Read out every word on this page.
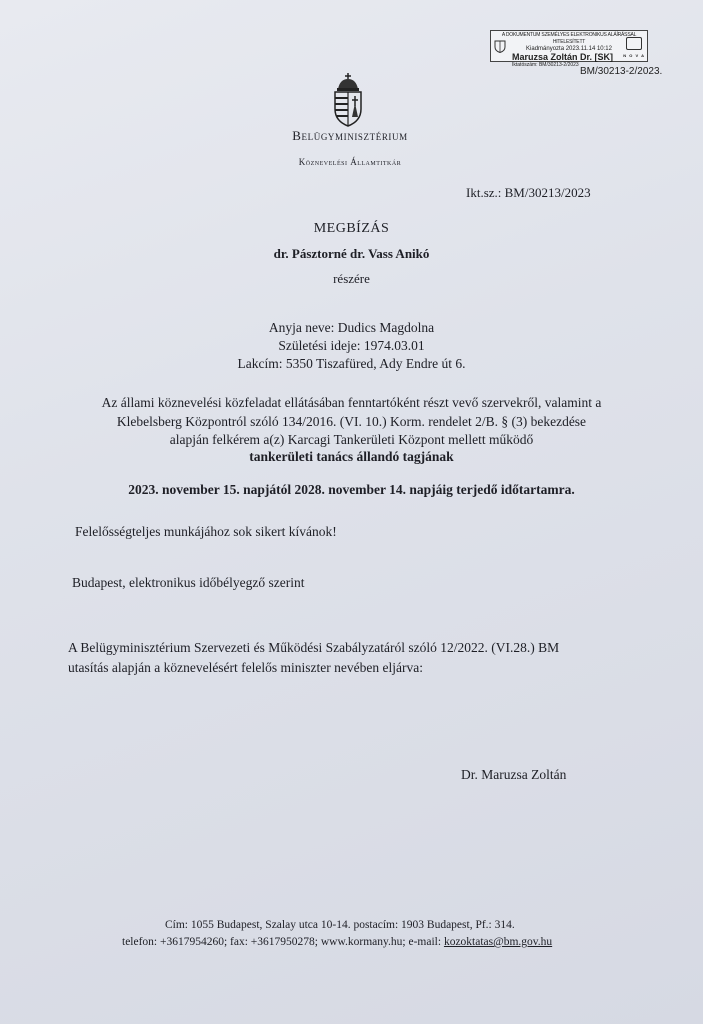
A DOKUMENTUM SZEMÉLYES ELEKTRONIKUS ALÁÍRÁSSAL HITELESÍTETT
Kiadmányozta 2023.11.14 10:12
Maruzsa Zoltán Dr. [SK]
Iktatószám: BM/30213-2/2023
N O V A
BM/30213-2/2023.
Belügyminisztérium
Köznevelési Államtitkár
Ikt.sz.: BM/30213/2023
MEGBÍZÁS
dr. Pásztorné dr. Vass Anikó
részére
Anyja neve: Dudics Magdolna
Születési ideje: 1974.03.01
Lakcím: 5350 Tiszafüred, Ady Endre út 6.
Az állami köznevelési közfeladat ellátásában fenntartóként részt vevő szervekről, valamint a
Klebelsberg Központról szóló 134/2016. (VI. 10.) Korm. rendelet 2/B. § (3) bekezdése
alapján felkérem a(z) Karcagi Tankerületi Központ mellett működő
tankerületi tanács állandó tagjának
2023. november 15. napjától 2028. november 14. napjáig terjedő időtartamra.
Felelősségteljes munkájához sok sikert kívánok!
Budapest, elektronikus időbélyegző szerint
A Belügyminisztérium Szervezeti és Működési Szabályzatáról szóló 12/2022. (VI.28.) BM
utasítás alapján a köznevelésért felelős miniszter nevében eljárva:
Dr. Maruzsa Zoltán
Cím: 1055 Budapest, Szalay utca 10-14. postacím: 1903 Budapest, Pf.: 314.
telefon: +3617954260; fax: +3617950278; www.kormany.hu; e-mail: kozoktatas@bm.gov.hu
